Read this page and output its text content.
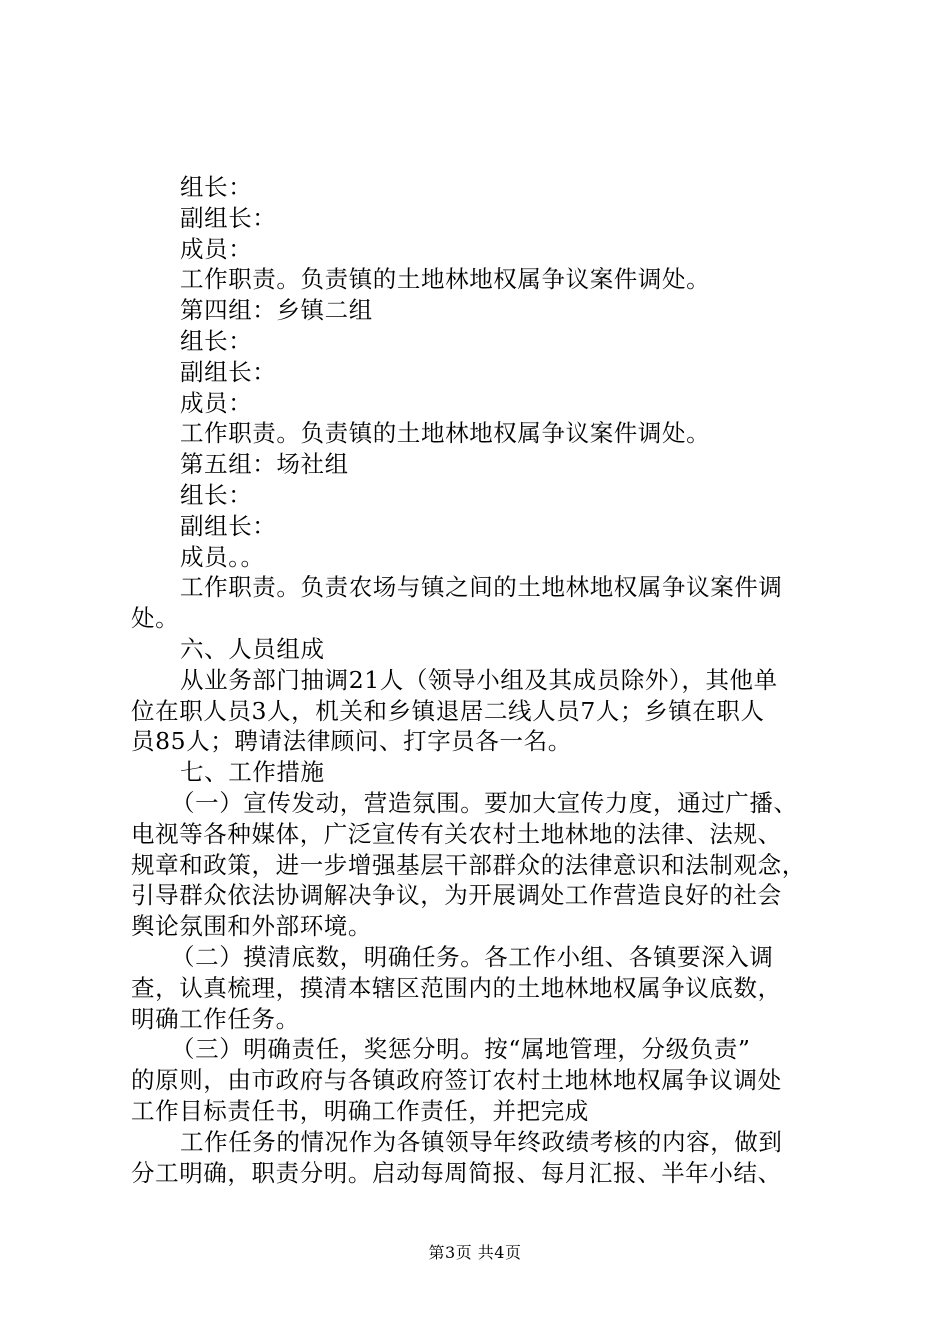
组长：
副组长：
成员：
工作职责。负责镇的土地林地权属争议案件调处。
第四组：乡镇二组
组长：
副组长：
成员：
工作职责。负责镇的土地林地权属争议案件调处。
第五组：场社组
组长：
副组长：
成员。。
工作职责。负责农场与镇之间的土地林地权属争议案件调
处。
六、人员组成
从业务部门抽调21人（领导小组及其成员除外），其他单
位在职人员3人，机关和乡镇退居二线人员7人；乡镇在职人
员85人；聘请法律顾问、打字员各一名。
七、工作措施
（一）宣传发动，营造氛围。要加大宣传力度，通过广播、
电视等各种媒体，广泛宣传有关农村土地林地的法律、法规、
规章和政策，进一步增强基层干部群众的法律意识和法制观念，
引导群众依法协调解决争议，为开展调处工作营造良好的社会
舆论氛围和外部环境。
（二）摸清底数，明确任务。各工作小组、各镇要深入调
查，认真梳理，摸清本辖区范围内的土地林地权属争议底数，
明确工作任务。
（三）明确责任，奖惩分明。按“属地管理，分级负责”
的原则，由市政府与各镇政府签订农村土地林地权属争议调处
工作目标责任书，明确工作责任，并把完成
工作任务的情况作为各镇领导年终政绩考核的内容，做到
分工明确，职责分明。启动每周简报、每月汇报、半年小结、
第3页 共4页
